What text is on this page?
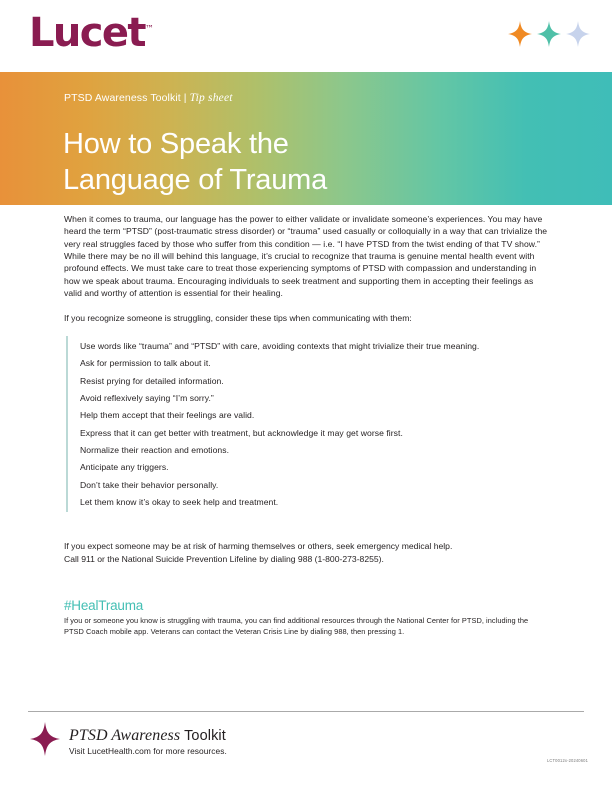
Lucet™
PTSD Awareness Toolkit | Tip sheet
How to Speak the
Language of Trauma

When it comes to trauma, our language has the power to either validate or invalidate someone’s experiences. You may have heard the term “PTSD” (post-traumatic stress disorder) or “trauma” used casually or colloquially in a way that can trivialize the very real struggles faced by those who suffer from this condition — i.e. “I have PTSD from the twist ending of that TV show.” While there may be no ill will behind this language, it’s crucial to recognize that trauma is genuine mental health event with profound effects. We must take care to treat those experiencing symptoms of PTSD with compassion and understanding in how we speak about trauma. Encouraging individuals to seek treatment and supporting them in accepting their feelings as valid and worthy of attention is essential for their healing.

If you recognize someone is struggling, consider these tips when communicating with them:

Use words like “trauma” and “PTSD” with care, avoiding contexts that might trivialize their true meaning.
Ask for permission to talk about it.
Resist prying for detailed information.
Avoid reflexively saying “I’m sorry.”
Help them accept that their feelings are valid.
Express that it can get better with treatment, but acknowledge it may get worse first.
Normalize their reaction and emotions.
Anticipate any triggers.
Don’t take their behavior personally.
Let them know it’s okay to seek help and treatment.
If you expect someone may be at risk of harming themselves or others, seek emergency medical help.
Call 911 or the National Suicide Prevention Lifeline by dialing 988 (1-800-273-8255).
#HealTrauma

If you or someone you know is struggling with trauma, you can find additional resources through the National Center for PTSD, including the PTSD Coach mobile app. Veterans can contact the Veteran Crisis Line by dialing 988, then pressing 1.

PTSD Awareness Toolkit
Visit LucetHealth.com for more resources.
LCT0012x-20240601
